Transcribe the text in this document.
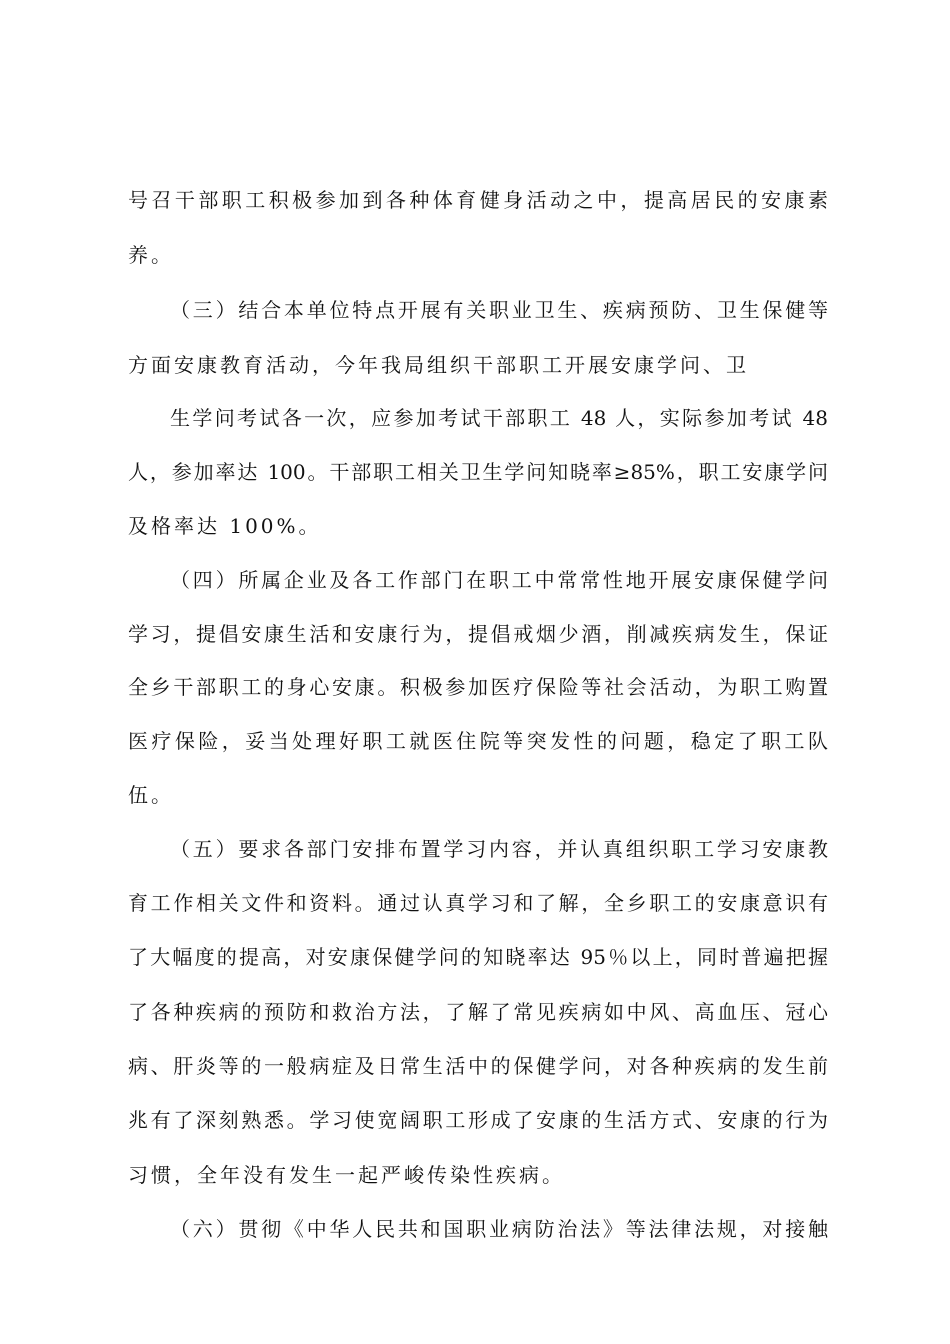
号召干部职工积极参加到各种体育健身活动之中，提高居民的安康素
养。
（三）结合本单位特点开展有关职业卫生、疾病预防、卫生保健等
方面安康教育活动，今年我局组织干部职工开展安康学问、卫
生学问考试各一次，应参加考试干部职工 48 人，实际参加考试 48
人，参加率达 100。干部职工相关卫生学问知晓率≥85%，职工安康学问
及格率达 100%。
（四）所属企业及各工作部门在职工中常常性地开展安康保健学问
学习，提倡安康生活和安康行为，提倡戒烟少酒，削减疾病发生，保证
全乡干部职工的身心安康。积极参加医疗保险等社会活动，为职工购置
医疗保险，妥当处理好职工就医住院等突发性的问题，稳定了职工队
伍。
（五）要求各部门安排布置学习内容，并认真组织职工学习安康教
育工作相关文件和资料。通过认真学习和了解，全乡职工的安康意识有
了大幅度的提高，对安康保健学问的知晓率达 95％以上，同时普遍把握
了各种疾病的预防和救治方法，了解了常见疾病如中风、高血压、冠心
病、肝炎等的一般病症及日常生活中的保健学问，对各种疾病的发生前
兆有了深刻熟悉。学习使宽阔职工形成了安康的生活方式、安康的行为
习惯，全年没有发生一起严峻传染性疾病。
（六）贯彻《中华人民共和国职业病防治法》等法律法规，对接触
